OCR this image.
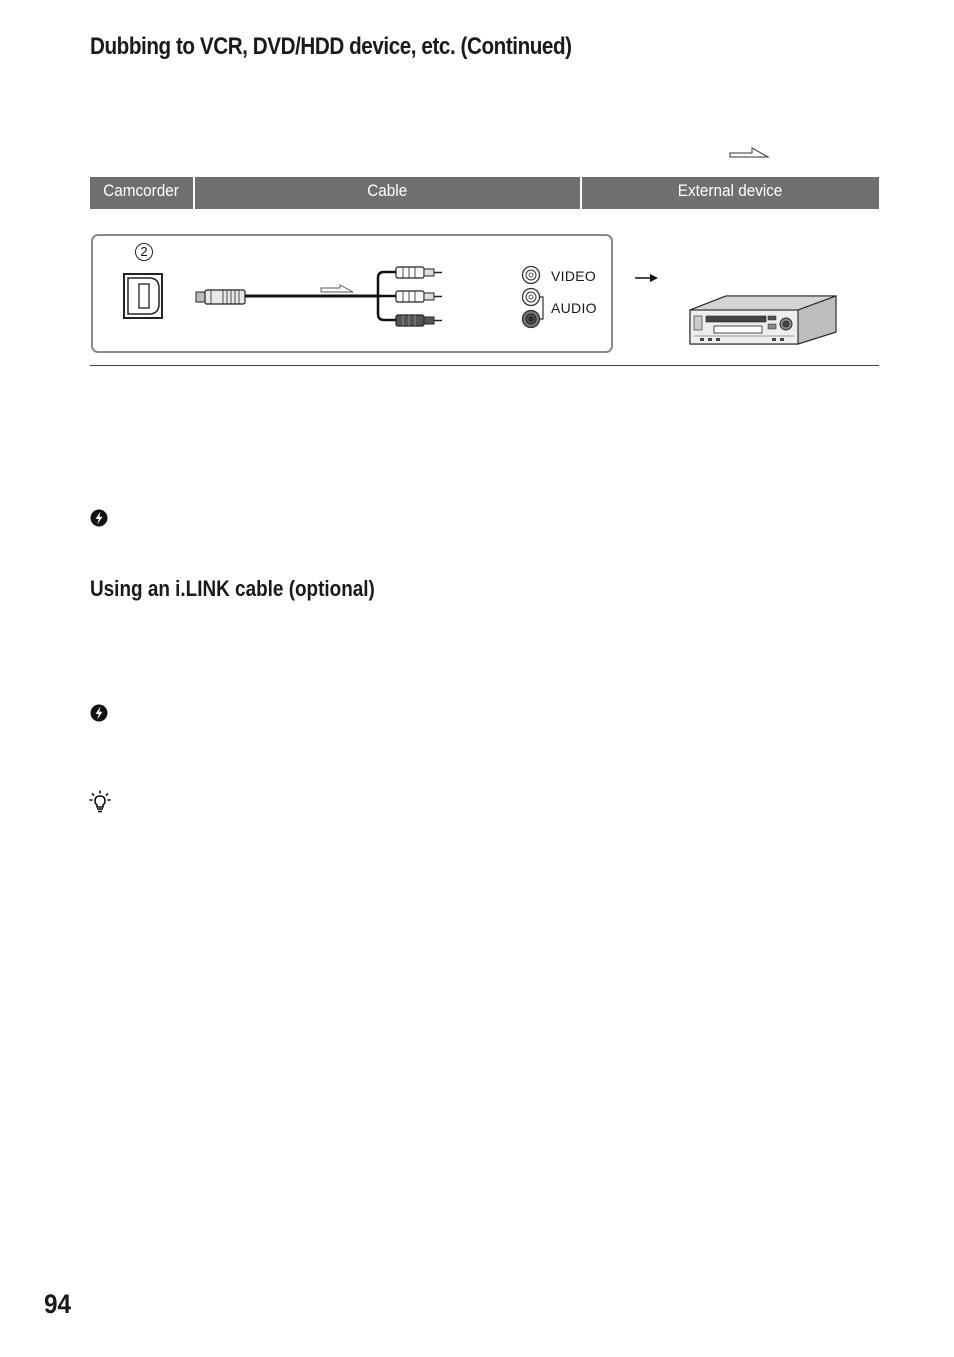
Dubbing to VCR, DVD/HDD device, etc. (Continued)
Camcorder	Cable	External device
2
VIDEO
AUDIO
Using an i.LINK cable (optional)
94
